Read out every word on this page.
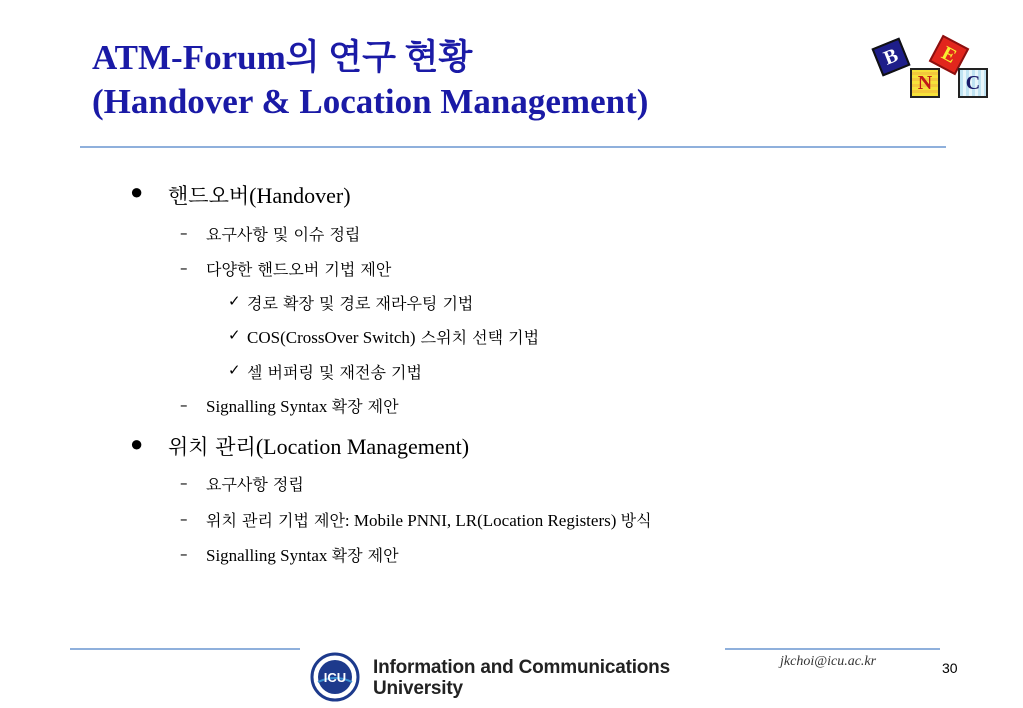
ATM-Forum의 연구 현황
(Handover & Location Management)
B	E
N	C
● 핸드오버(Handover)
– 요구사항 및 이슈 정립
– 다양한 핸드오버 기법 제안
✓ 경로 확장 및 경로 재라우팅 기법
✓ COS(CrossOver Switch) 스위치 선택 기법
✓ 셀 버퍼링 및 재전송 기법
– Signalling Syntax 확장 제안
● 위치 관리(Location Management)
– 요구사항 정립
– 위치 관리 기법 제안: Mobile PNNI, LR(Location Registers) 방식
– Signalling Syntax 확장 제안
ICU Information and Communications
University
jkchoi@icu.ac.kr	30
